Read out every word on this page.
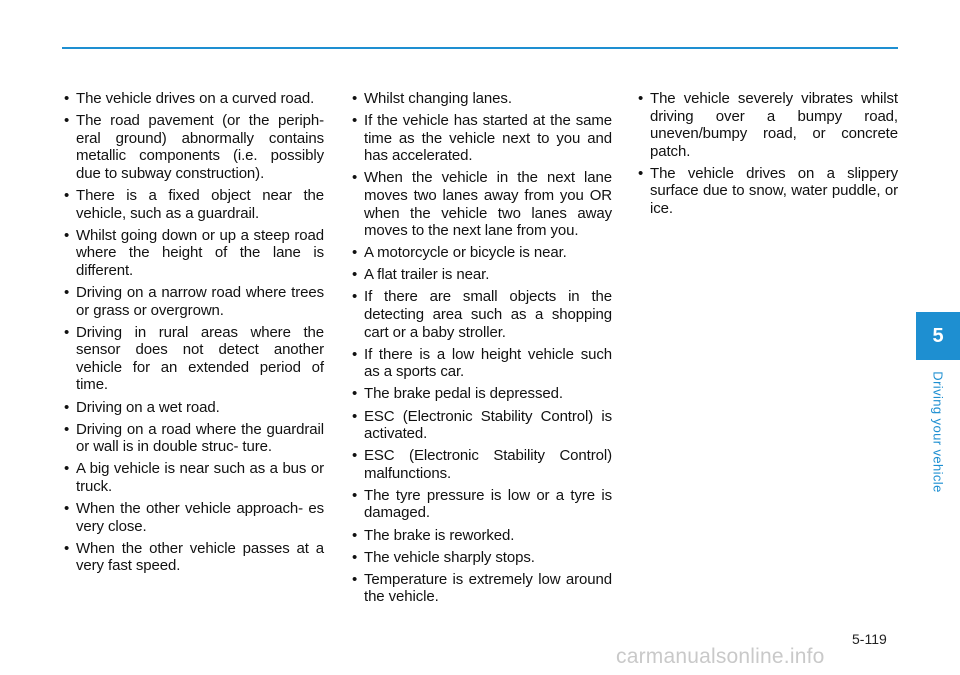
• The vehicle drives on a curved road.
• The road pavement (or the periph- eral ground) abnormally contains metallic components (i.e. possibly due to subway construction).
• There is a fixed object near the vehicle, such as a guardrail.
• Whilst going down or up a steep road where the height of the lane is different.
• Driving on a narrow road where trees or grass or overgrown.
• Driving in rural areas where the sensor does not detect another vehicle for an extended period of time.
• Driving on a wet road.
• Driving on a road where the guardrail or wall is in double struc- ture.
• A big vehicle is near such as a bus or truck.
• When the other vehicle approach- es very close.
• When the other vehicle passes at a very fast speed.
• Whilst changing lanes.
• If the vehicle has started at the same time as the vehicle next to you and has accelerated.
• When the vehicle in the next lane moves two lanes away from you OR when the vehicle two lanes away moves to the next lane from you.
• A motorcycle or bicycle is near.
• A flat trailer is near.
• If there are small objects in the detecting area such as a shopping cart or a baby stroller.
• If there is a low height vehicle such as a sports car.
• The brake pedal is depressed.
• ESC (Electronic Stability Control) is activated.
• ESC (Electronic Stability Control) malfunctions.
• The tyre pressure is low or a tyre is damaged.
• The brake is reworked.
• The vehicle sharply stops.
• Temperature is extremely low around the vehicle.
• The vehicle severely vibrates whilst driving over a bumpy road, uneven/bumpy road, or concrete patch.
• The vehicle drives on a slippery surface due to snow, water puddle, or ice.
5
Driving your vehicle
5-119
carmanualsonline.info
